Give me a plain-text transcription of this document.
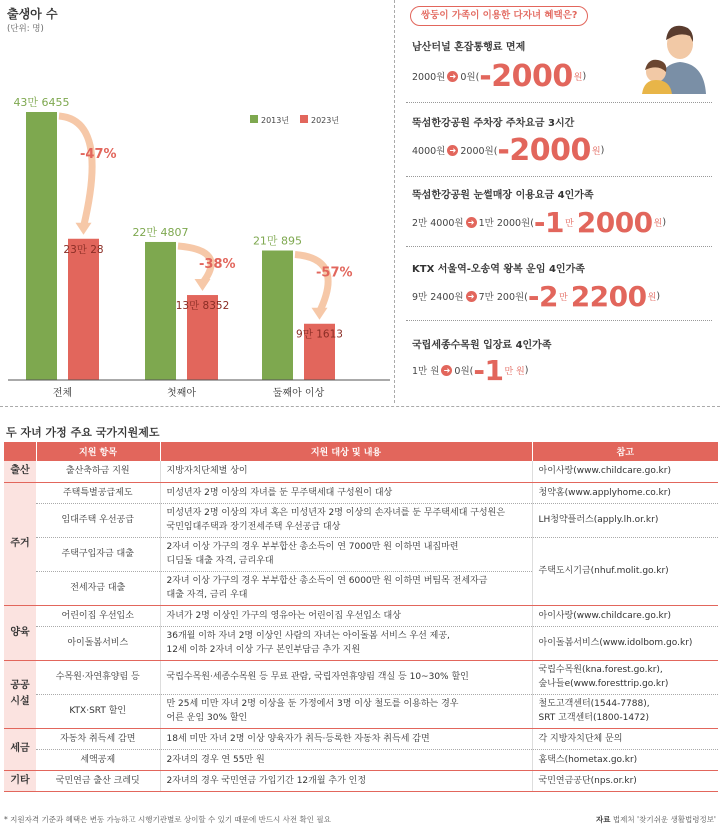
출생아 수
(단위: 명)
2013년	2023년
43만 6455
23만 28
-47%
전체
22만 4807
13만 8352
-38%
첫째아
21만 895
9만 1613
-57%
둘째아 이상
쌍둥이 가족이 이용한 다자녀 혜택은?
남산터널 혼잡통행료 면제
2000원 ➜ 0원( -2000 원 )
뚝섬한강공원 주차장 주차요금 3시간
4000원 ➜ 2000원( -2000 원 )
뚝섬한강공원 눈썰매장 이용요금 4인가족
2만 4000원 ➜ 1만 2000원( -1 만 2000 원 )
KTX 서울역-오송역 왕복 운임 4인가족
9만 2400원 ➜ 7만 200원( -2 만 2200 원 )
국립세종수목원 입장료 4인가족
1만 원 ➜ 0원( -1 만 원 )
두 자녀 가정 주요 국가지원제도
	지원 항목	지원 대상 및 내용	참고
출산	출산축하금 지원	지방자치단체별 상이	아이사랑(www.childcare.go.kr)
주거	주택특별공급제도	미성년자 2명 이상의 자녀를 둔 무주택세대 구성원이 대상	청약홈(www.applyhome.co.kr)
	임대주택 우선공급	미성년자 2명 이상의 자녀 혹은 미성년자 2명 이상의 손자녀를 둔 무주택세대 구성원은
국민임대주택과 장기전세주택 우선공급 대상	LH청약플러스(apply.lh.or.kr)
	주택구입자금 대출	2자녀 이상 가구의 경우 부부합산 총소득이 연 7000만 원 이하면 내집마련
디딤돌 대출 자격, 금리우대	주택도시기금(nhuf.molit.go.kr)
	전세자금 대출	2자녀 이상 가구의 경우 부부합산 총소득이 연 6000만 원 이하면 버팀목 전세자금
대출 자격, 금리 우대	
양육	어린이집 우선입소	자녀가 2명 이상인 가구의 영유아는 어린이집 우선입소 대상	아이사랑(www.childcare.go.kr)
	아이돌봄서비스	36개월 이하 자녀 2명 이상인 사람의 자녀는 아이돌봄 서비스 우선 제공,
12세 이하 2자녀 이상 가구 본인부담금 추가 지원	아이돌봄서비스(www.idolbom.go.kr)
공공
시설	수목원·자연휴양림 등	국립수목원·세종수목원 등 무료 관람, 국립자연휴양림 객실 등 10~30% 할인	국립수목원(kna.forest.go.kr),
숲나들e(www.foresttrip.go.kr)
	KTX·SRT 할인	만 25세 미만 자녀 2명 이상을 둔 가정에서 3명 이상 철도를 이용하는 경우
어른 운임 30% 할인	철도고객센터(1544-7788),
SRT 고객센터(1800-1472)
세금	자동차 취득세 감면	18세 미만 자녀 2명 이상 양육자가 취득·등록한 자동차 취득세 감면	각 지방자치단체 문의
	세액공제	2자녀의 경우 연 55만 원	홈택스(hometax.go.kr)
기타	국민연금 출산 크레딧	2자녀의 경우 국민연금 가입기간 12개월 추가 인정	국민연금공단(nps.or.kr)
* 지원자격 기준과 혜택은 변동 가능하고 시행기관별로 상이할 수 있기 때문에 반드시 사전 확인 필요	자료 법제처 '찾기쉬운 생활법령정보'
